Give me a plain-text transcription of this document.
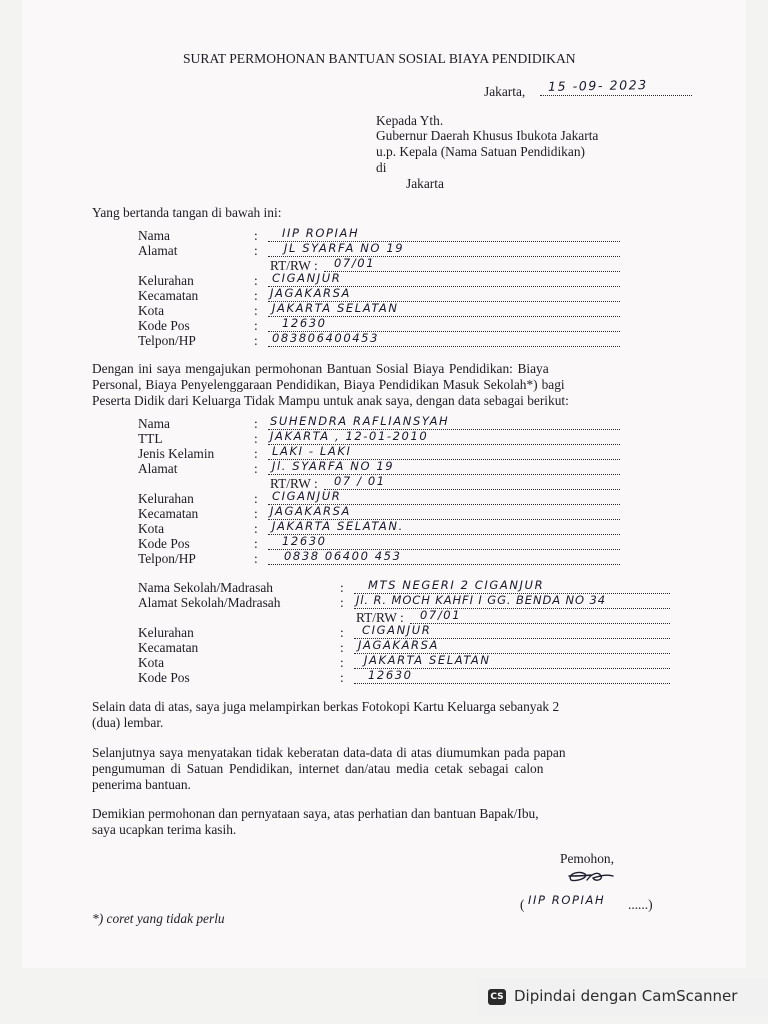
SURAT PERMOHONAN BANTUAN SOSIAL BIAYA PENDIDIKAN
Jakarta, 15 -09- 2023
Kepada Yth.
Gubernur Daerah Khusus Ibukota Jakarta
u.p. Kepala (Nama Satuan Pendidikan)
di
Jakarta
Yang bertanda tangan di bawah ini:
Nama
Alamat
Kelurahan
Kecamatan
Kota
Kode Pos
Telpon/HP
:
:
:
:
:
:
:
RT/RW :
IIP ROPIAH
JL SYARFA NO 19
07/01
CIGANJUR
JAGAKARSA
JAKARTA SELATAN
12630
083806400453
Dengan ini saya mengajukan permohonan Bantuan Sosial Biaya Pendidikan: Biaya
Personal, Biaya Penyelenggaraan Pendidikan, Biaya Pendidikan Masuk Sekolah*) bagi
Peserta Didik dari Keluarga Tidak Mampu untuk anak saya, dengan data sebagai berikut:
Nama
TTL
Jenis Kelamin
Alamat
Kelurahan
Kecamatan
Kota
Kode Pos
Telpon/HP
:
:
:
:
:
:
:
:
:
RT/RW :
SUHENDRA RAFLIANSYAH
JAKARTA , 12-01-2010
LAKI - LAKI
Jl. SYARFA NO 19
07 / 01
CIGANJUR
JAGAKARSA
JAKARTA SELATAN.
12630
0838 06400 453
Nama Sekolah/Madrasah
Alamat Sekolah/Madrasah
Kelurahan
Kecamatan
Kota
Kode Pos
:
:
:
:
:
:
RT/RW :
MTS NEGERI 2 CIGANJUR
Jl. R. MOCH KAHFI I GG. BENDA NO 34
07/01
CIGANJUR
JAGAKARSA
JAKARTA SELATAN
12630
Selain data di atas, saya juga melampirkan berkas Fotokopi Kartu Keluarga sebanyak 2
(dua) lembar.
Selanjutnya saya menyatakan tidak keberatan data-data di atas diumumkan pada papan
pengumuman di Satuan Pendidikan, internet dan/atau media cetak sebagai calon
penerima bantuan.
Demikian permohonan dan pernyataan saya, atas perhatian dan bantuan Bapak/Ibu,
saya ucapkan terima kasih.
Pemohon,
( IIP ROPIAH ......)
*) coret yang tidak perlu
CS Dipindai dengan CamScanner
